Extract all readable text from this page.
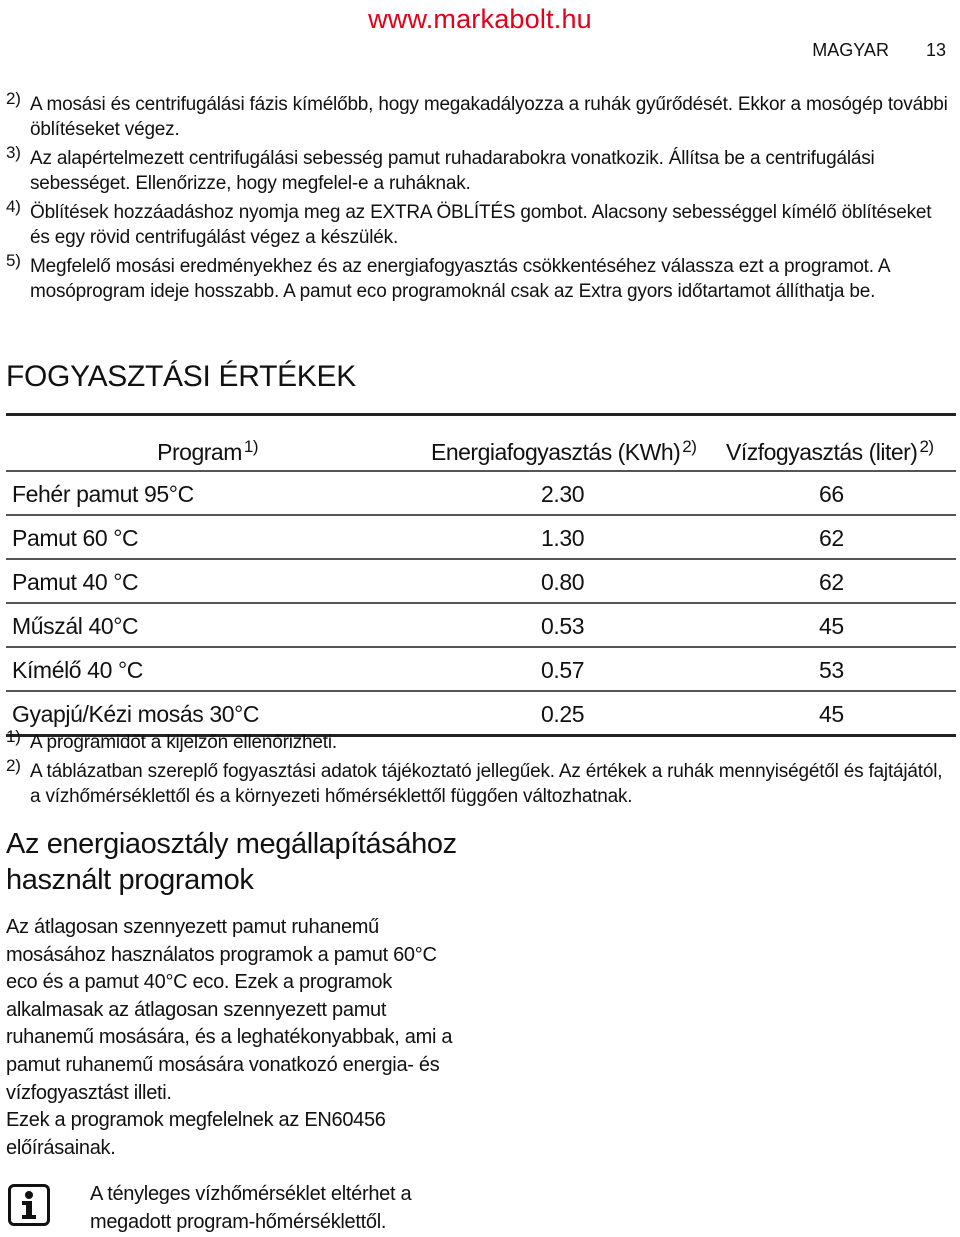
www.markabolt.hu
MAGYAR 13
2) A mosási és centrifugálási fázis kímélőbb, hogy megakadályozza a ruhák gyűrődését. Ekkor a mosógép további öblítéseket végez.
3) Az alapértelmezett centrifugálási sebesség pamut ruhadarabokra vonatkozik. Állítsa be a centrifugálási sebességet. Ellenőrizze, hogy megfelel-e a ruháknak.
4) Öblítések hozzáadáshoz nyomja meg az EXTRA ÖBLÍTÉS gombot. Alacsony sebességgel kímélő öblítéseket és egy rövid centrifugálást végez a készülék.
5) Megfelelő mosási eredményekhez és az energiafogyasztás csökkentéséhez válassza ezt a programot. A mosóprogram ideje hosszabb. A pamut eco programoknál csak az Extra gyors időtartamot állíthatja be.
FOGYASZTÁSI ÉRTÉKEK
Program $^{1)}$	Energiafogyasztás (KWh) $^{2)}$	Vízfogyasztás (liter) $^{2)}$
Fehér pamut 95°C	2.30	66
Pamut 60 °C	1.30	62
Pamut 40 °C	0.80	62
Műszál 40°C	0.53	45
Kímélő 40 °C	0.57	53
Gyapjú/Kézi mosás 30°C	0.25	45
1) A programidőt a kijelzőn ellenőrizheti.
2) A táblázatban szereplő fogyasztási adatok tájékoztató jellegűek. Az értékek a ruhák mennyiségétől és fajtájától, a vízhőmérséklettől és a környezeti hőmérséklettől függően változhatnak.
Az energiaosztály megállapításához használt programok

Az átlagosan szennyezett pamut ruhanemű mosásához használatos programok a pamut 60°C eco és a pamut 40°C eco. Ezek a programok alkalmasak az átlagosan szennyezett pamut ruhanemű mosására, és a leghatékonyabbak, ami a pamut ruhanemű mosására vonatkozó energia- és vízfogyasztást illeti.

Ezek a programok megfelelnek az EN60456 előírásainak.

A tényleges vízhőmérséklet eltérhet a megadott program-hőmérséklettől.
